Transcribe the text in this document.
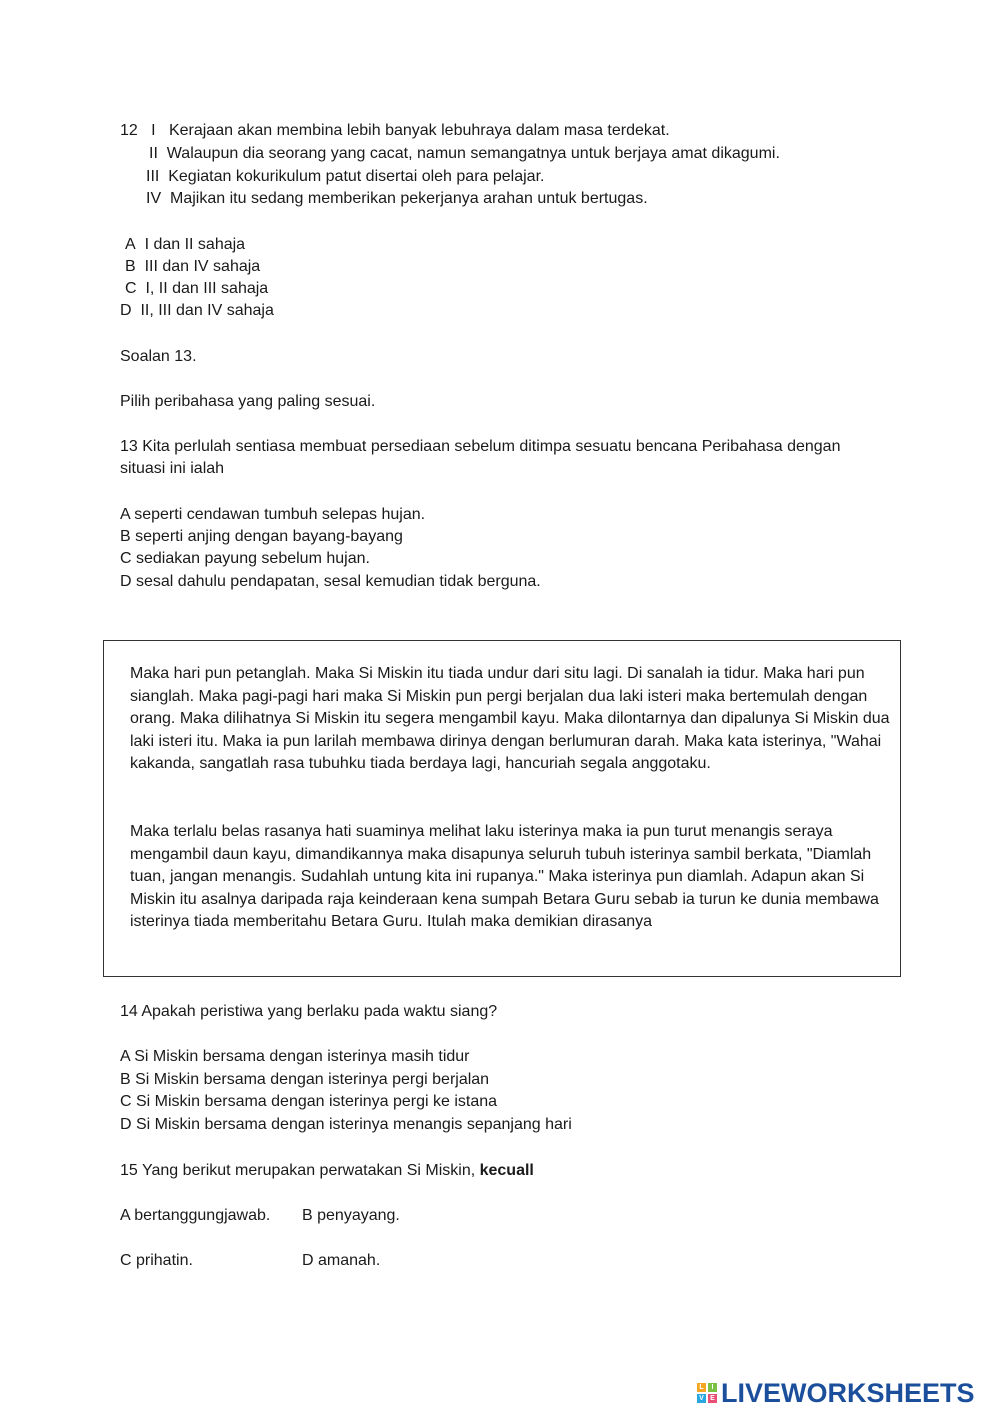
12 I Kerajaan akan membina lebih banyak lebuhraya dalam masa terdekat.
II Walaupun dia seorang yang cacat, namun semangatnya untuk berjaya amat dikagumi.
III Kegiatan kokurikulum patut disertai oleh para pelajar.
IV Majikan itu sedang memberikan pekerjanya arahan untuk bertugas.
A I dan II sahaja
B III dan IV sahaja
C I, II dan III sahaja
D II, III dan IV sahaja
Soalan 13.
Pilih peribahasa yang paling sesuai.
13 Kita perlulah sentiasa membuat persediaan sebelum ditimpa sesuatu bencana Peribahasa dengan
situasi ini ialah
A seperti cendawan tumbuh selepas hujan.
B seperti anjing dengan bayang-bayang
C sediakan payung sebelum hujan.
D sesal dahulu pendapatan, sesal kemudian tidak berguna.
Maka hari pun petanglah. Maka Si Miskin itu tiada undur dari situ lagi. Di sanalah ia tidur. Maka hari pun sianglah. Maka pagi-pagi hari maka Si Miskin pun pergi berjalan dua laki isteri maka bertemulah dengan orang. Maka dilihatnya Si Miskin itu segera mengambil kayu. Maka dilontarnya dan dipalunya Si Miskin dua laki isteri itu. Maka ia pun larilah membawa dirinya dengan berlumuran darah. Maka kata isterinya, "Wahai kakanda, sangatlah rasa tubuhku tiada berdaya lagi, hancuriah segala anggotaku.
Maka terlalu belas rasanya hati suaminya melihat laku isterinya maka ia pun turut menangis seraya mengambil daun kayu, dimandikannya maka disapunya seluruh tubuh isterinya sambil berkata, "Diamlah tuan, jangan menangis. Sudahlah untung kita ini rupanya." Maka isterinya pun diamlah. Adapun akan Si Miskin itu asalnya daripada raja keinderaan kena sumpah Betara Guru sebab ia turun ke dunia membawa isterinya tiada memberitahu Betara Guru. Itulah maka demikian dirasanya
14 Apakah peristiwa yang berlaku pada waktu siang?
A Si Miskin bersama dengan isterinya masih tidur
B Si Miskin bersama dengan isterinya pergi berjalan
C Si Miskin bersama dengan isterinya pergi ke istana
D Si Miskin bersama dengan isterinya menangis sepanjang hari
15 Yang berikut merupakan perwatakan Si Miskin, kecuall
A bertanggungjawab. B penyayang.
C prihatin.	D amanah.
L	I
V E LIVEWORKSHEETS
